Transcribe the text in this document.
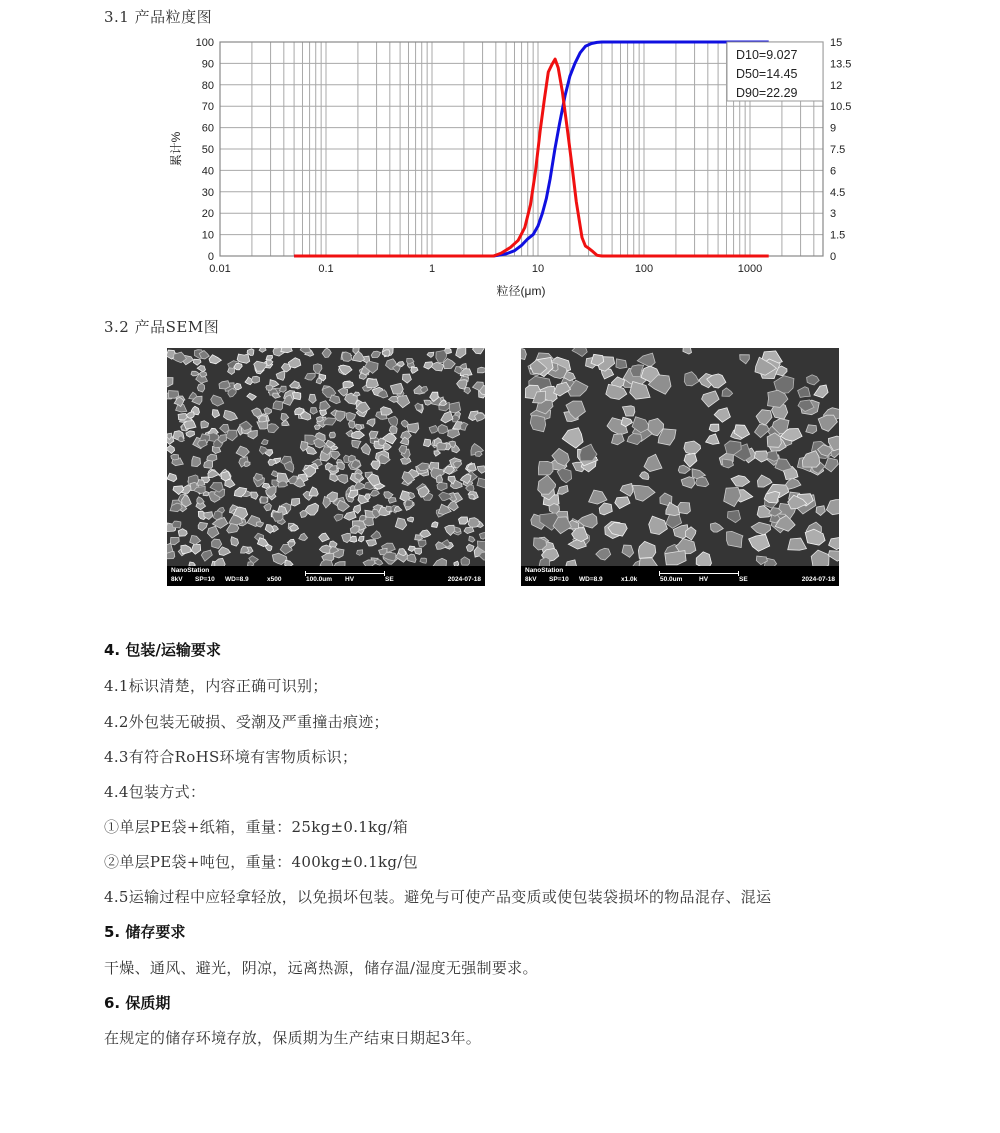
3.1 产品粒度图
0
10
20
30
40
50
60
70
80
90
100
0
1.5
3
4.5
6
7.5
9
10.5
12
13.5
15
0.01	0.1	1	10	100	1000
累计%
粒径(μm)
D10=9.027
D50=14.45
D90=22.29
3.2 产品SEM图
NanoStation
8kV SP=10 WD=8.9	x500	100.0um HV	SE	2024-07-18
NanoStation
8kV SP=10 WD=8.9	x1.0k	50.0um	HV	SE	2024-07-18
4. 包装/运输要求
4.1标识清楚，内容正确可识别；
4.2外包装无破损、受潮及严重撞击痕迹；
4.3有符合RoHS环境有害物质标识；
4.4包装方式：
①单层PE袋+纸箱，重量：25kg±0.1kg/箱
②单层PE袋+吨包，重量：400kg±0.1kg/包
4.5运输过程中应轻拿轻放，以免损坏包装。避免与可使产品变质或使包装袋损坏的物品混存、混运
5. 储存要求
干燥、通风、避光，阴凉，远离热源，储存温/湿度无强制要求。
6. 保质期
在规定的储存环境存放，保质期为生产结束日期起3年。
